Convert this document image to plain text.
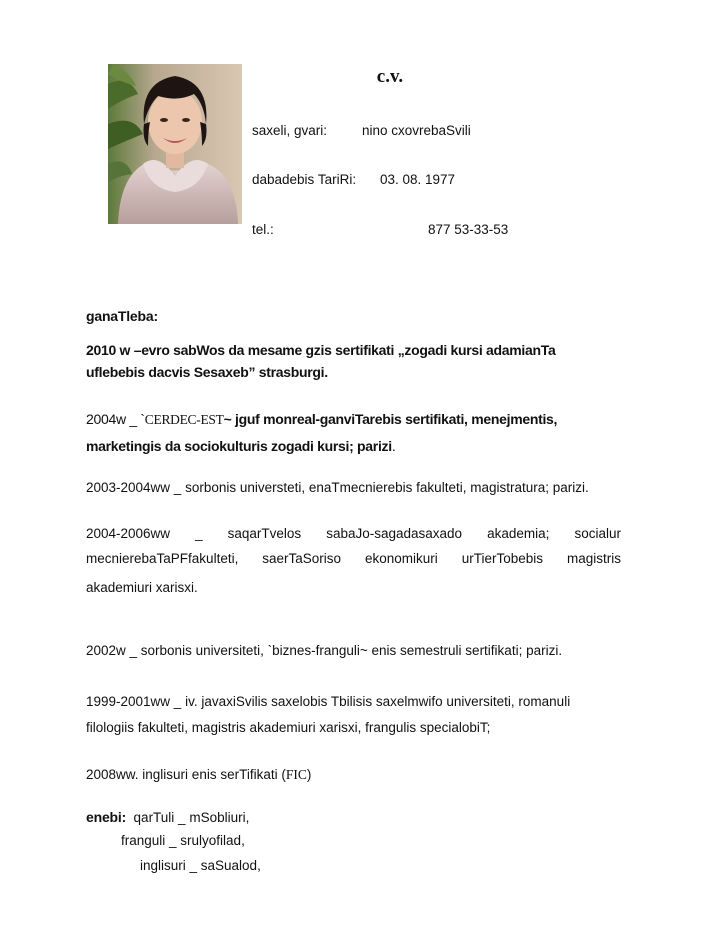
c.v.
saxeli, gvari:	nino cxovrebaSvili
dabadebis TariRi: 03. 08. 1977
tel.:	877 53-33-53
ganaTleba:
2010 w –evro sabWos da mesame gzis sertifikati „zogadi kursi adamianTa
uflebebis dacvis Sesaxeb” strasburgi.
2004w _ `CERDEC-EST~ jguf monreal-ganviTarebis sertifikati, menejmentis,
marketingis da sociokulturis zogadi kursi; parizi.
2003-2004ww _ sorbonis universteti, enaTmecnierebis fakulteti, magistratura; parizi.
2004-2006ww _ saqarTvelos sabaJo-sagadasaxado akademia; socialur
mecnierebaTaPFfakulteti, saerTaSoriso ekonomikuri urTierTobebis magistris
akademiuri xarisxi.
2002w _ sorbonis universiteti, `biznes-franguli~ enis semestruli sertifikati; parizi.
1999-2001ww _ iv. javaxiSvilis saxelobis Tbilisis saxelmwifo universiteti, romanuli
filologiis fakulteti, magistris akademiuri xarisxi, frangulis specialobiT;
2008ww. inglisuri enis serTifikati (FIC)
enebi: qarTuli _ mSobliuri,
franguli _ srulyofilad,
inglisuri _ saSualod,
